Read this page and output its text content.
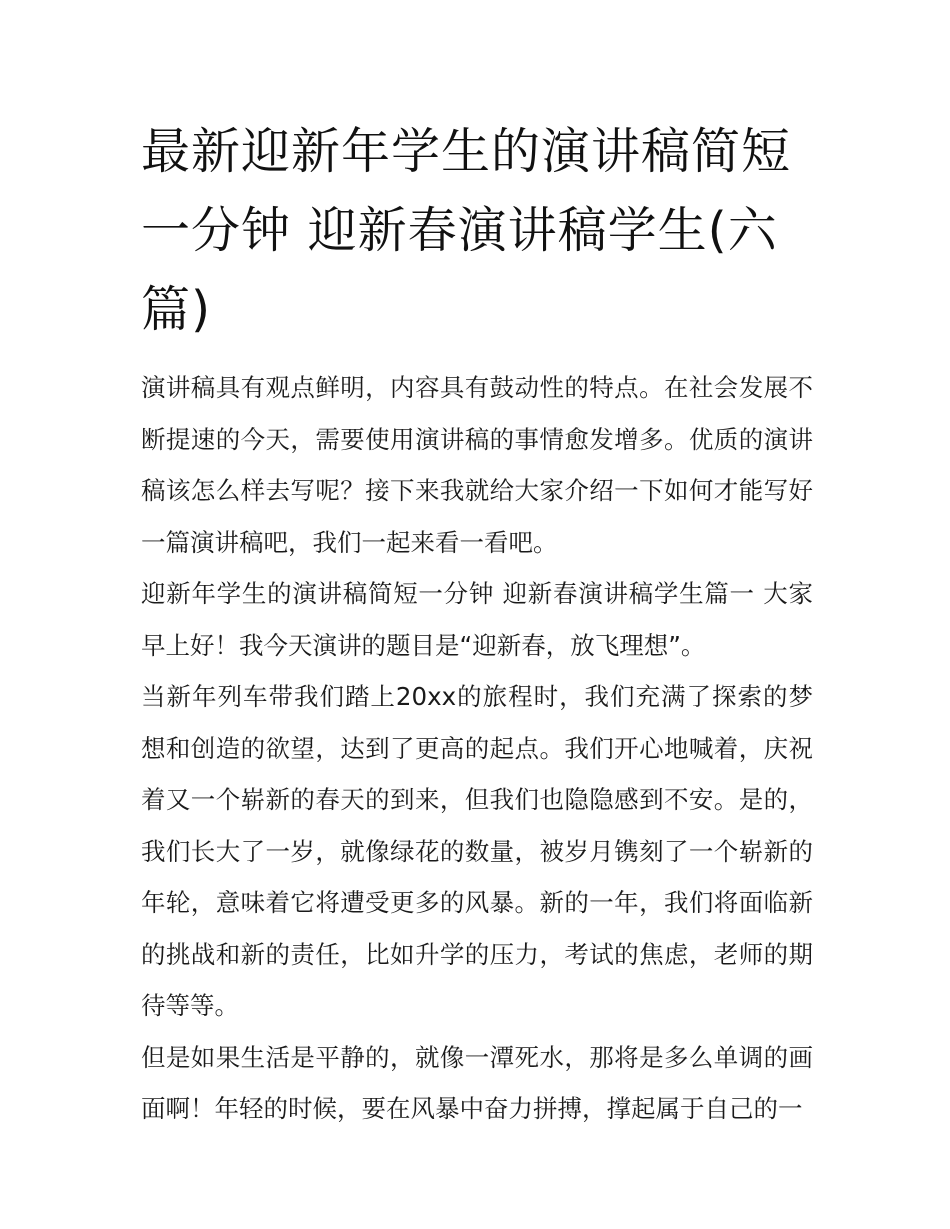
最新迎新年学生的演讲稿简短一分钟 迎新春演讲稿学生(六篇)

演讲稿具有观点鲜明，内容具有鼓动性的特点。在社会发展不断提速的今天，需要使用演讲稿的事情愈发增多。优质的演讲稿该怎么样去写呢？接下来我就给大家介绍一下如何才能写好一篇演讲稿吧，我们一起来看一看吧。

迎新年学生的演讲稿简短一分钟 迎新春演讲稿学生篇一 大家早上好！我今天演讲的题目是“迎新春，放飞理想”。

当新年列车带我们踏上20xx的旅程时，我们充满了探索的梦想和创造的欲望，达到了更高的起点。我们开心地喊着，庆祝着又一个崭新的春天的到来，但我们也隐隐感到不安。是的，我们长大了一岁，就像绿花的数量，被岁月镌刻了一个崭新的年轮，意味着它将遭受更多的风暴。新的一年，我们将面临新的挑战和新的责任，比如升学的压力，考试的焦虑，老师的期待等等。

但是如果生活是平静的，就像一潭死水，那将是多么单调的画面啊！年轻的时候，要在风暴中奋力拼搏，撑起属于自己的一
